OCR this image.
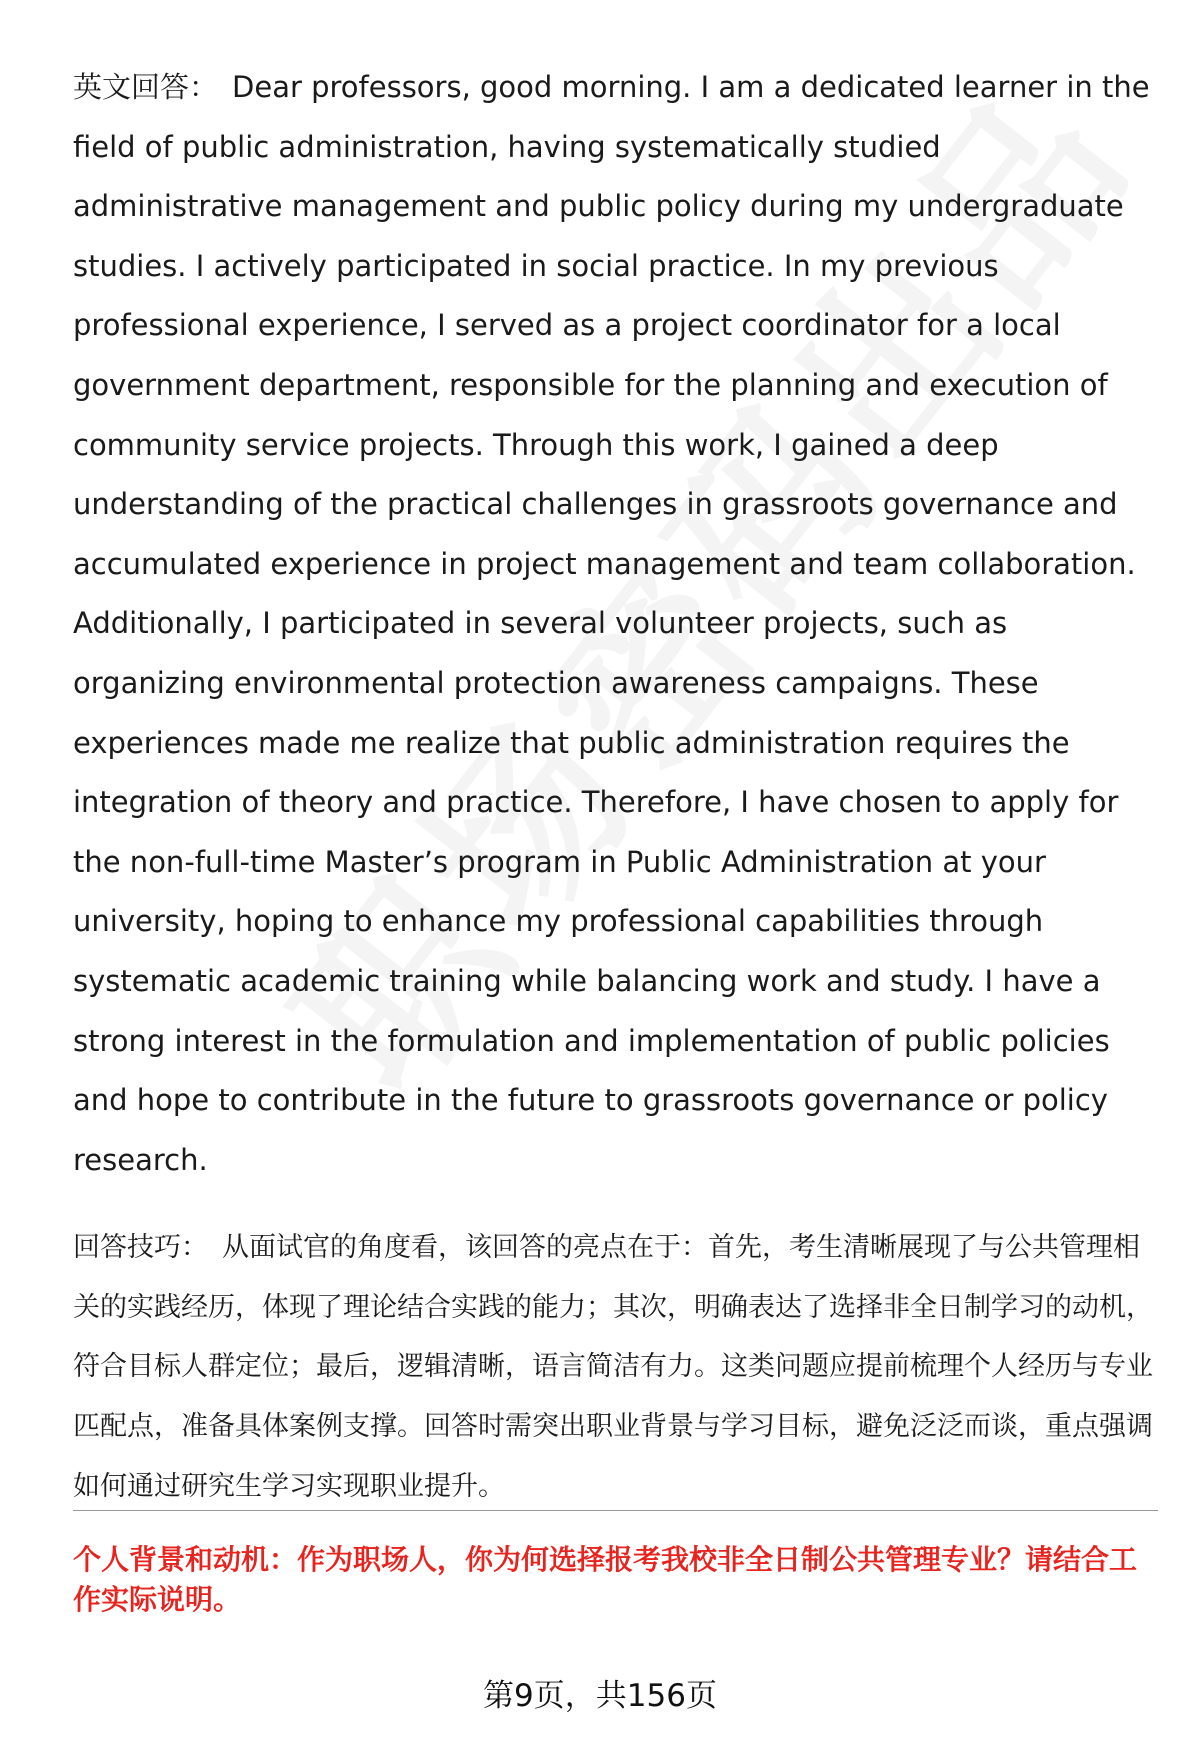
英文回答： Dear professors, good morning. I am a dedicated learner in the field of public administration, having systematically studied administrative management and public policy during my undergraduate studies. I actively participated in social practice. In my previous professional experience, I served as a project coordinator for a local government department, responsible for the planning and execution of community service projects. Through this work, I gained a deep understanding of the practical challenges in grassroots governance and accumulated experience in project management and team collaboration. Additionally, I participated in several volunteer projects, such as organizing environmental protection awareness campaigns. These experiences made me realize that public administration requires the integration of theory and practice. Therefore, I have chosen to apply for the non-full-time Master’s program in Public Administration at your university, hoping to enhance my professional capabilities through systematic academic training while balancing work and study. I have a strong interest in the formulation and implementation of public policies and hope to contribute in the future to grassroots governance or policy research.

回答技巧： 从面试官的角度看，该回答的亮点在于：首先，考生清晰展现了与公共管理相关的实践经历，体现了理论结合实践的能力；其次，明确表达了选择非全日制学习的动机，符合目标人群定位；最后，逻辑清晰，语言简洁有力。这类问题应提前梳理个人经历与专业匹配点，准备具体案例支撑。回答时需突出职业背景与学习目标，避免泛泛而谈，重点强调如何通过研究生学习实现职业提升。

个人背景和动机：作为职场人，你为何选择报考我校非全日制公共管理专业？请结合工作实际说明。
第9页，共156页
